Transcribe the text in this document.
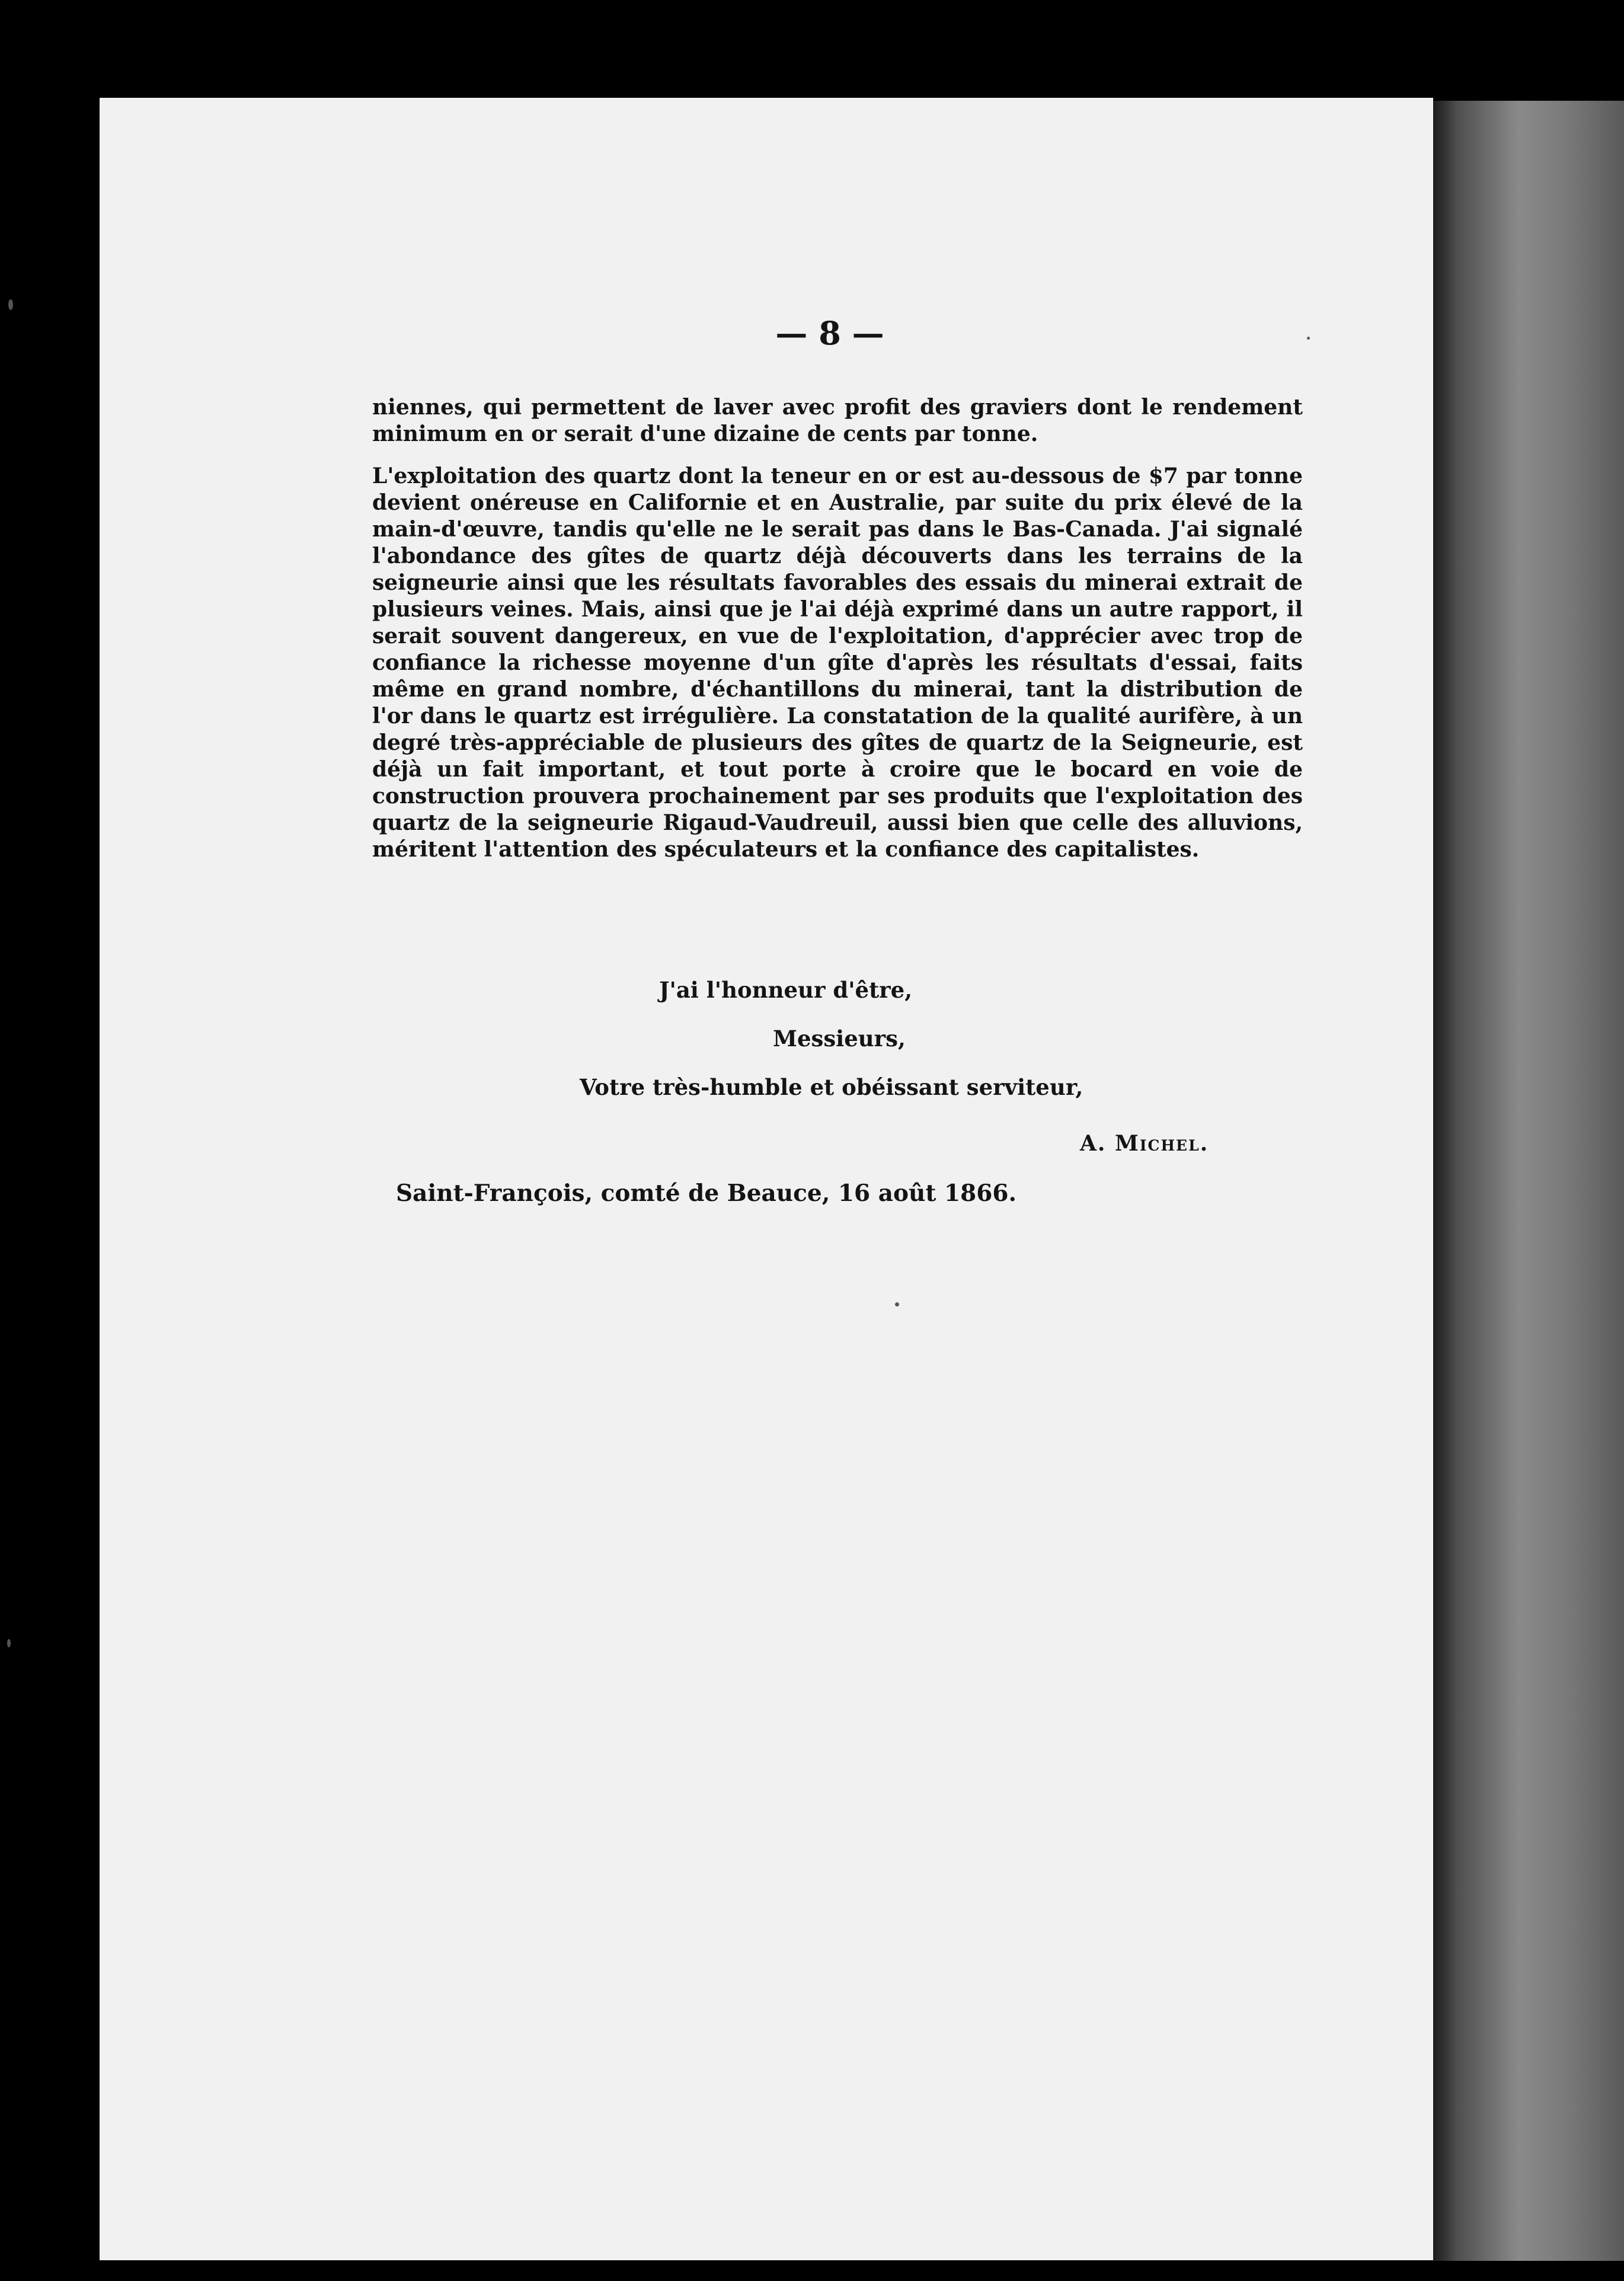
— 8 —

niennes, qui permettent de laver avec profit des graviers dont le rendement minimum en or serait d'une dizaine de cents par tonne.

L'exploitation des quartz dont la teneur en or est au-dessous de $7 par tonne devient onéreuse en Californie et en Australie, par suite du prix élevé de la main-d'œuvre, tandis qu'elle ne le serait pas dans le Bas-Canada. J'ai signalé l'abondance des gîtes de quartz déjà découverts dans les terrains de la seigneurie ainsi que les résultats favorables des essais du minerai extrait de plusieurs veines. Mais, ainsi que je l'ai déjà exprimé dans un autre rapport, il serait souvent dangereux, en vue de l'exploitation, d'apprécier avec trop de confiance la richesse moyenne d'un gîte d'après les résultats d'essai, faits même en grand nombre, d'échantillons du minerai, tant la distribution de l'or dans le quartz est irrégulière. La constatation de la qualité aurifère, à un degré très-appréciable de plusieurs des gîtes de quartz de la Seigneurie, est déjà un fait important, et tout porte à croire que le bocard en voie de construction prouvera prochainement par ses produits que l'exploitation des quartz de la seigneurie Rigaud-Vaudreuil, aussi bien que celle des alluvions, méritent l'attention des spéculateurs et la confiance des capitalistes.

J'ai l'honneur d'être,
Messieurs,
Votre très-humble et obéissant serviteur,
A. Michel.
Saint-François, comté de Beauce, 16 août 1866.
